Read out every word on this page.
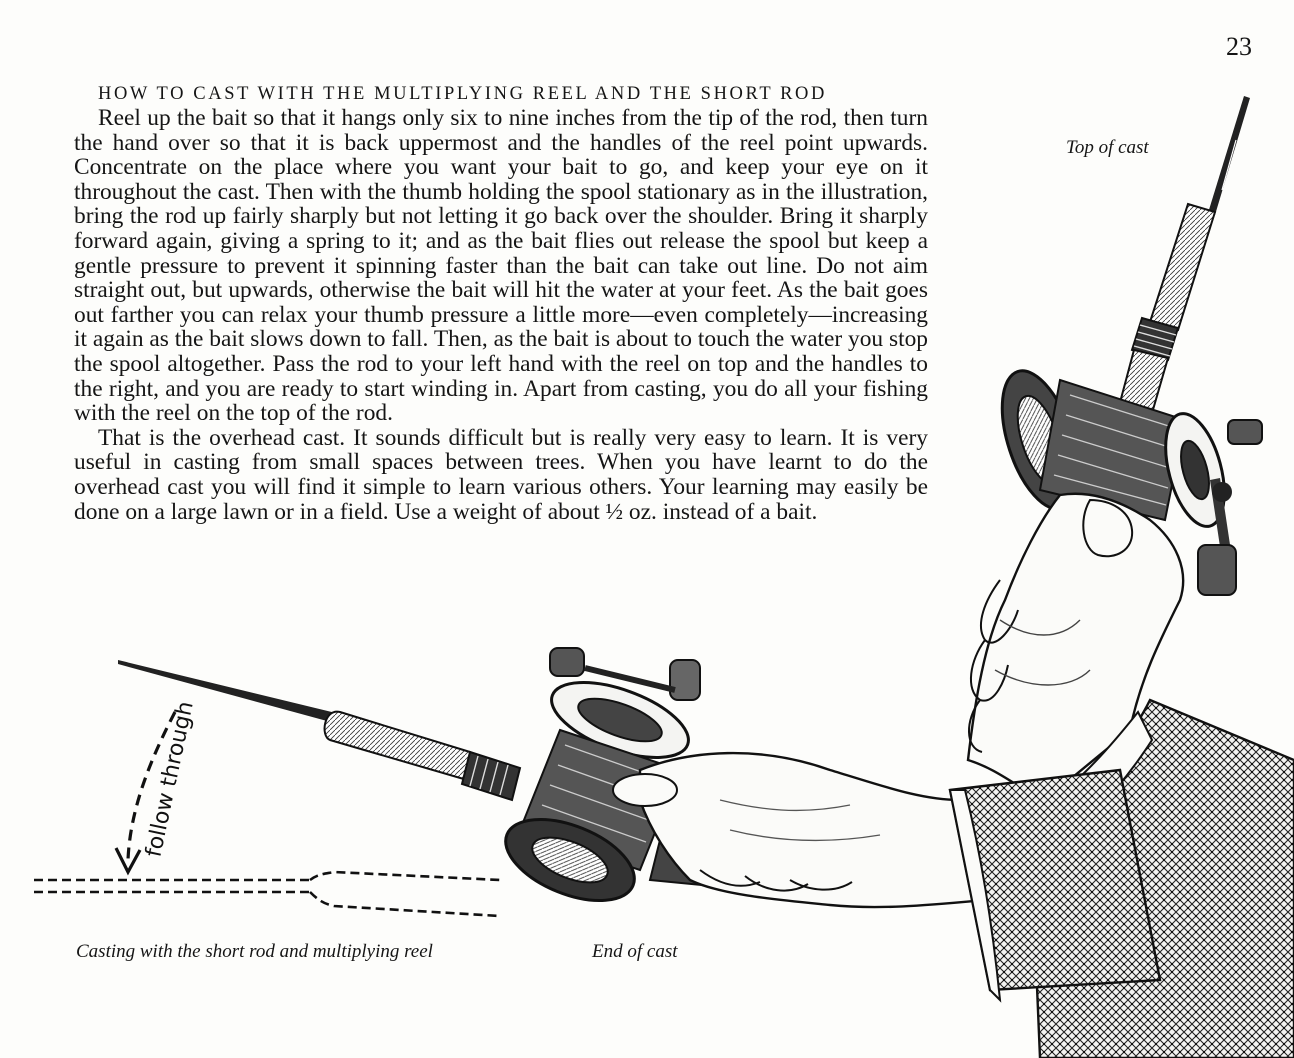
23
HOW TO CAST WITH THE MULTIPLYING REEL AND THE SHORT ROD

Reel up the bait so that it hangs only six to nine inches from the tip of the rod, then turn the hand over so that it is back uppermost and the handles of the reel point upwards. Concentrate on the place where you want your bait to go, and keep your eye on it throughout the cast. Then with the thumb holding the spool stationary as in the illustration, bring the rod up fairly sharply but not letting it go back over the shoulder. Bring it sharply forward again, giving a spring to it; and as the bait flies out release the spool but keep a gentle pressure to prevent it spinning faster than the bait can take out line. Do not aim straight out, but upwards, otherwise the bait will hit the water at your feet. As the bait goes out farther you can relax your thumb pressure a little more—even completely—increasing it again as the bait slows down to fall. Then, as the bait is about to touch the water you stop the spool altogether. Pass the rod to your left hand with the reel on top and the handles to the right, and you are ready to start winding in. Apart from casting, you do all your fishing with the reel on the top of the rod.

That is the overhead cast. It sounds difficult but is really very easy to learn. It is very useful in casting from small spaces between trees. When you have learnt to do the overhead cast you will find it simple to learn various others. Your learning may easily be done on a large lawn or in a field. Use a weight of about ½ oz. instead of a bait.

Top of cast
Casting with the short rod and multiplying reel	End of cast
follow through
